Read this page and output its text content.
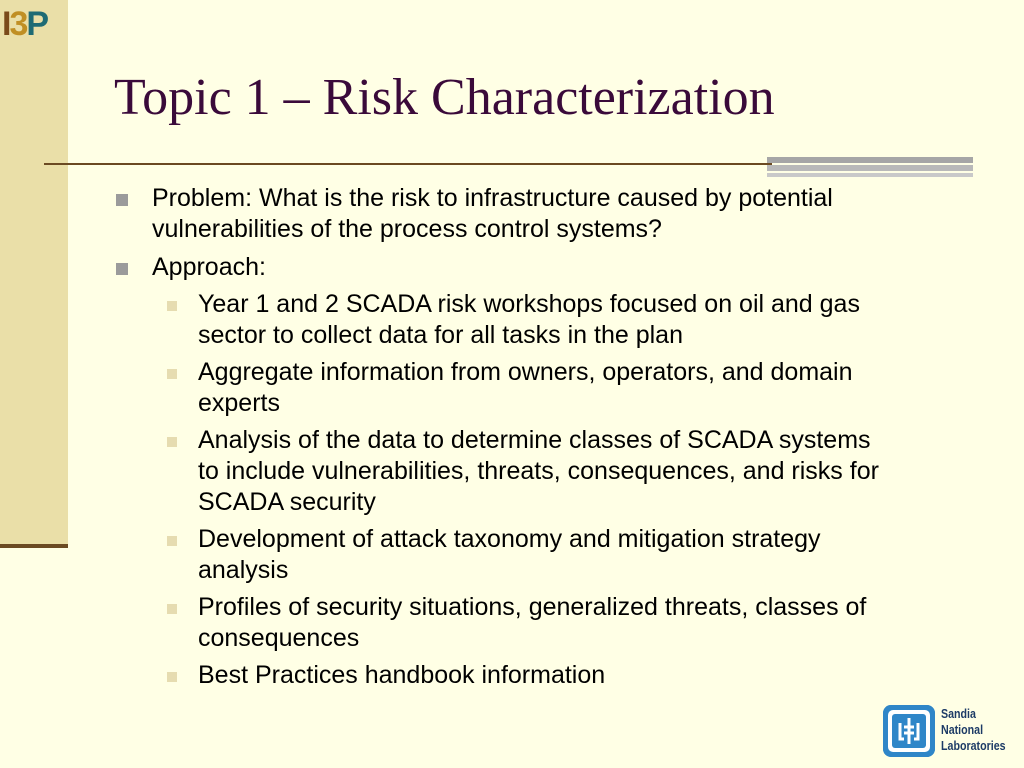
I3P
Topic 1 – Risk Characterization
Problem: What is the risk to infrastructure caused by potential vulnerabilities of the process control systems?
Approach:
Year 1 and 2 SCADA risk workshops focused on oil and gas sector to collect data for all tasks in the plan
Aggregate information from owners, operators, and domain experts
Analysis of the data to determine classes of SCADA systems to include vulnerabilities, threats, consequences, and risks for SCADA security
Development of attack taxonomy and mitigation strategy analysis
Profiles of security situations, generalized threats, classes of consequences
Best Practices handbook information
Sandia
National
Laboratories
